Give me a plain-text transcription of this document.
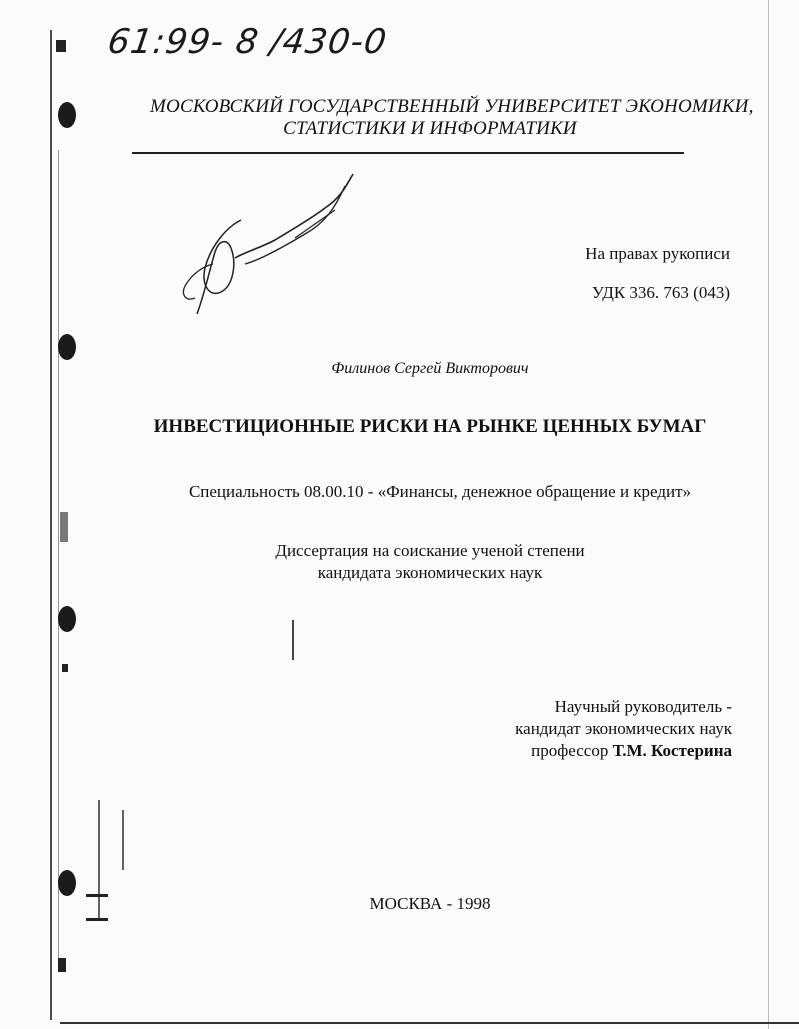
61:99- 8 /430-0
МОСКОВСКИЙ ГОСУДАРСТВЕННЫЙ УНИВЕРСИТЕТ ЭКОНОМИКИ,
СТАТИСТИКИ И ИНФОРМАТИКИ
На правах рукописи
УДК 336. 763 (043)
Филинов Сергей Викторович
ИНВЕСТИЦИОННЫЕ РИСКИ НА РЫНКЕ ЦЕННЫХ БУМАГ
Специальность 08.00.10 - «Финансы, денежное обращение и кредит»
Диссертация на соискание ученой степени
кандидата экономических наук
Научный руководитель -
кандидат экономических наук
профессор Т.М. Костерина
МОСКВА - 1998
